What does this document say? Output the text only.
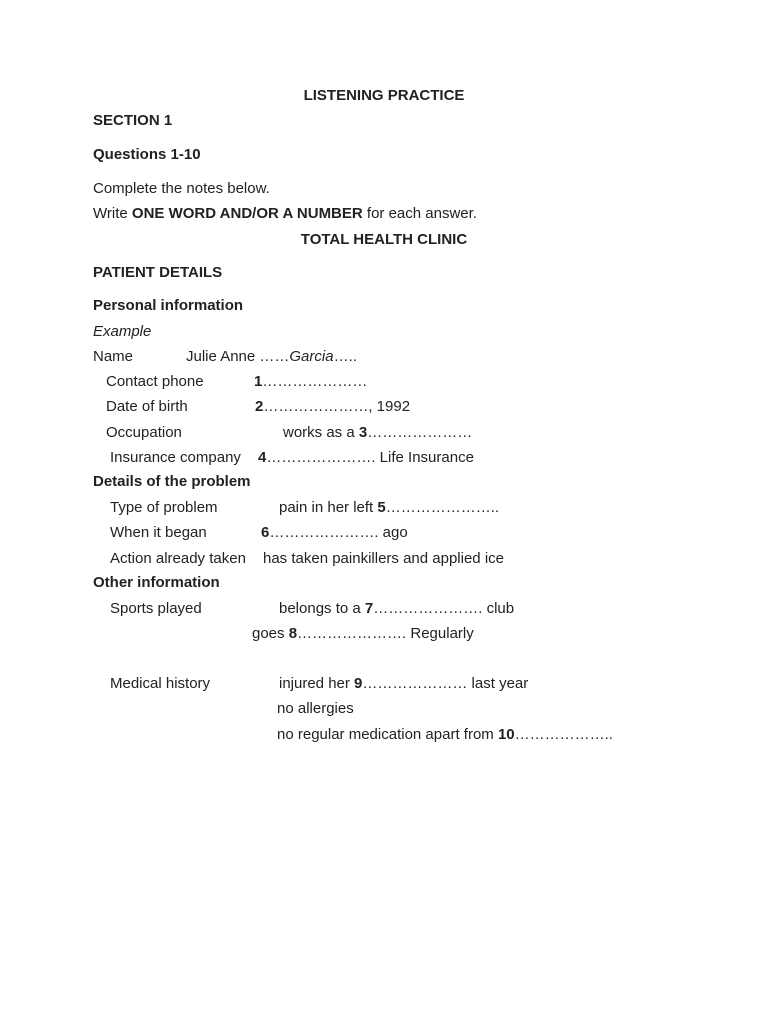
LISTENING PRACTICE
SECTION 1
Questions 1-10
Complete the notes below.
Write ONE WORD AND/OR A NUMBER for each answer.
TOTAL HEALTH CLINIC
PATIENT DETAILS
Personal information
Example
Name	Julie Anne ……Garcia…..
Contact phone	1…………………
Date of birth	2…………………, 1992
Occupation	works as a 3…………………
Insurance company 4…………………. Life Insurance
Details of the problem
Type of problem	pain in her left 5…………………..
When it began	6…………………. ago
Action already taken has taken painkillers and applied ice
Other information
Sports played	belongs to a 7…………………. club
goes 8…………………. Regularly
Medical history	injured her 9………………… last year
no allergies
no regular medication apart from 10………………..
